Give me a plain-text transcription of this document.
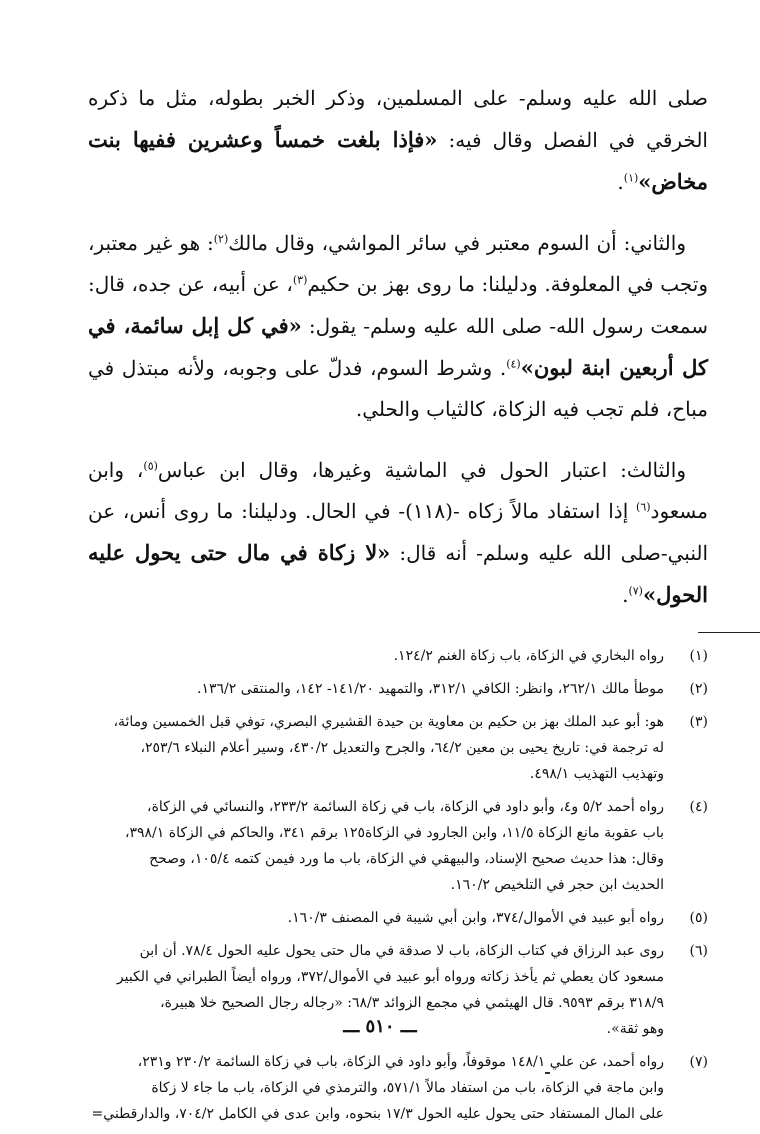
صلى الله عليه وسلم- على المسلمين، وذكر الخبر بطوله، مثل ما ذكره الخرقي في الفصل وقال فيه: «فإذا بلغت خمساً وعشرين ففيها بنت مخاض»$^{(١)}$.

والثاني: أن السوم معتبر في سائر المواشي، وقال مالك$^{(٢)}$: هو غير معتبر، وتجب في المعلوفة. ودليلنا: ما روى بهز بن حكيم$^{(٣)}$، عن أبيه، عن جده، قال: سمعت رسول الله- صلى الله عليه وسلم- يقول: «في كل إبل سائمة، في كل أربعين ابنة لبون»$^{(٤)}$. وشرط السوم، فدلّ على وجوبه، ولأنه مبتذل في مباح، فلم تجب فيه الزكاة، كالثياب والحلي.

والثالث: اعتبار الحول في الماشية وغيرها، وقال ابن عباس$^{(٥)}$، وابن مسعود$^{(٦)}$ إذا استفاد مالاً زكاه -(١١٨)- في الحال. ودليلنا: ما روى أنس، عن النبي-صلى الله عليه وسلم- أنه قال: «لا زكاة في مال حتى يحول عليه الحول»$^{(٧)}$.

(١)
رواه البخاري في الزكاة، باب زكاة الغنم ١٢٤/٢.
(٢)
موطأ مالك ٢٦٢/١، وانظر: الكافي ٣١٢/١، والتمهيد ١٤١/٢٠- ١٤٢، والمنتقى ١٣٦/٢.
(٣)
هو: أبو عبد الملك بهز بن حكيم بن معاوية بن حيدة القشيري البصري، توفي قبل الخمسين ومائة،
له ترجمة في: تاريخ يحيى بن معين ٦٤/٢، والجرح والتعديل ٤٣٠/٢، وسير أعلام النبلاء ٢٥٣/٦،
وتهذيب التهذيب ٤٩٨/١.
(٤)
رواه أحمد ٥/٢ و٤، وأبو داود في الزكاة، باب في زكاة السائمة ٢٣٣/٢، والنسائي في الزكاة،
باب عقوبة مانع الزكاة ١١/٥، وابن الجارود في الزكاة١٢٥ برقم ٣٤١، والحاكم في الزكاة ٣٩٨/١،
وقال: هذا حديث صحيح الإسناد، والبيهقي في الزكاة، باب ما ورد فيمن كتمه ١٠٥/٤، وصحح
الحديث ابن حجر في التلخيص ١٦٠/٢.
(٥)
رواه أبو عبيد في الأموال/٣٧٤، وابن أبي شيبة في المصنف ١٦٠/٣.
(٦)
روى عبد الرزاق في كتاب الزكاة، باب لا صدقة في مال حتى يحول عليه الحول ٧٨/٤. أن ابن
مسعود كان يعطي ثم يأخذ زكاته ورواه أبو عبيد في الأموال/٣٧٢، ورواه أيضاً الطبراني في الكبير
٣١٨/٩ برقم ٩٥٩٣. قال الهيثمي في مجمع الزوائد ٦٨/٣: «رجاله رجال الصحيح خلا هبيرة،
وهو ثقة».
(٧)
رواه أحمد، عن علي ١٤٨/١ موقوفاً، وأبو داود في الزكاة، باب في زكاة السائمة ٢٣٠/٢ و٢٣١،
وابن ماجة في الزكاة، باب من استفاد مالاً ٥٧١/١، والترمذي في الزكاة، باب ما جاء لا زكاة
على المال المستفاد حتى يحول عليه الحول ١٧/٣ بنحوه، وابن عدى في الكامل ٧٠٤/٢، والدارقطني=
ـــ ٥١٠ ـــ
